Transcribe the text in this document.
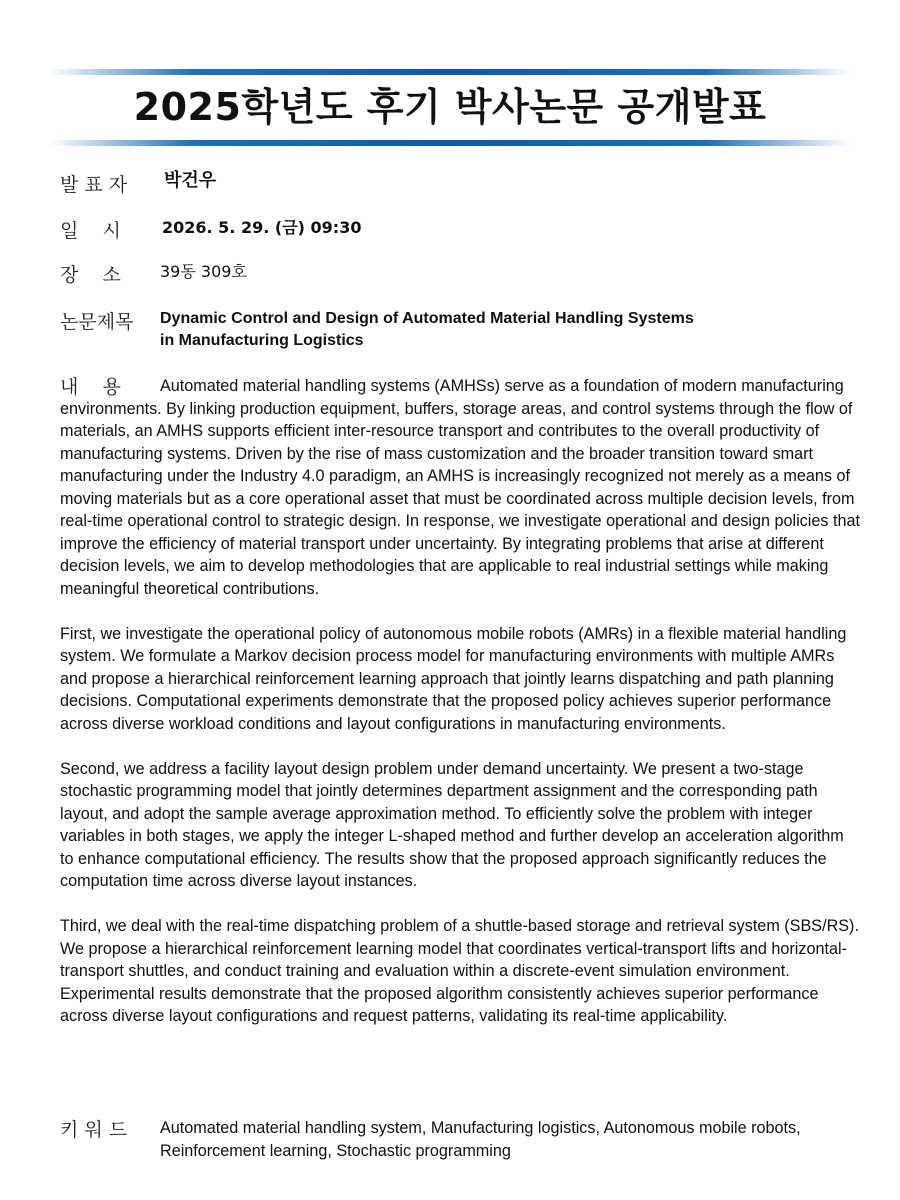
2025학년도 후기 박사논문 공개발표
발 표 자 박건우
일    시	2026. 5. 29. (금) 09:30
장    소 39동 309호
논문제목 Dynamic Control and Design of Automated Material Handling Systems
in Manufacturing Logistics
내    용	Automated material handling systems (AMHSs) serve as a foundation of modern manufacturing environments. By linking production equipment, buffers, storage areas, and control systems through the flow of materials, an AMHS supports efficient inter-resource transport and contributes to the overall productivity of manufacturing systems. Driven by the rise of mass customization and the broader transition toward smart manufacturing under the Industry 4.0 paradigm, an AMHS is increasingly recognized not merely as a means of moving materials but as a core operational asset that must be coordinated across multiple decision levels, from real-time operational control to strategic design. In response, we investigate operational and design policies that improve the efficiency of material transport under uncertainty. By integrating problems that arise at different decision levels, we aim to develop methodologies that are applicable to real industrial settings while making meaningful theoretical contributions.

First, we investigate the operational policy of autonomous mobile robots (AMRs) in a flexible material handling system. We formulate a Markov decision process model for manufacturing environments with multiple AMRs and propose a hierarchical reinforcement learning approach that jointly learns dispatching and path planning decisions. Computational experiments demonstrate that the proposed policy achieves superior performance across diverse workload conditions and layout configurations in manufacturing environments.

Second, we address a facility layout design problem under demand uncertainty. We present a two-stage stochastic programming model that jointly determines department assignment and the corresponding path layout, and adopt the sample average approximation method. To efficiently solve the problem with integer variables in both stages, we apply the integer L-shaped method and further develop an acceleration algorithm to enhance computational efficiency. The results show that the proposed approach significantly reduces the computation time across diverse layout instances.

Third, we deal with the real-time dispatching problem of a shuttle-based storage and retrieval system (SBS/RS). We propose a hierarchical reinforcement learning model that coordinates vertical-transport lifts and horizontal-transport shuttles, and conduct training and evaluation within a discrete-event simulation environment. Experimental results demonstrate that the proposed algorithm consistently achieves superior performance across diverse layout configurations and request patterns, validating its real-time applicability.

키 워 드 Automated material handling system, Manufacturing logistics, Autonomous mobile robots,
Reinforcement learning, Stochastic programming
